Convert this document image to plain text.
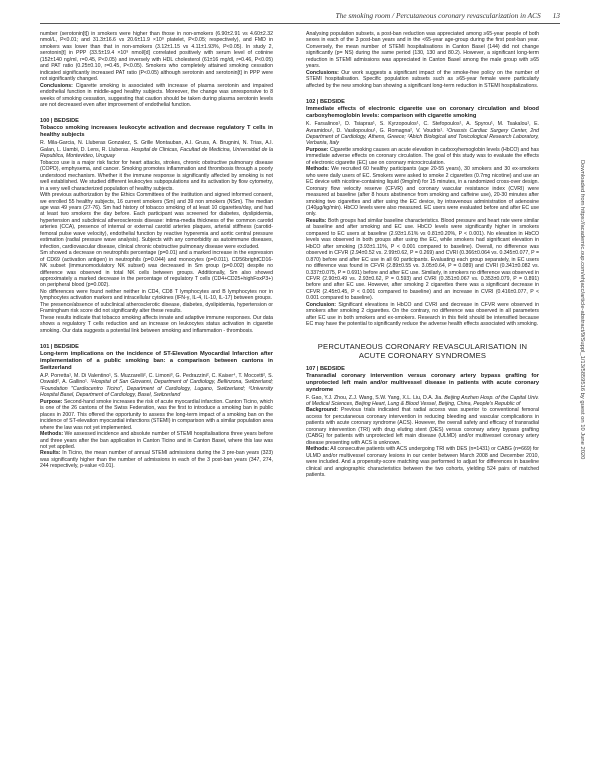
The smoking room / Percutaneous coronary revascularization in ACS 13

number (serotonin[t]) in smokers were higher than those in non-smokers (6.90±2.91 vs 4.60±2.32 nmol/L, P<0.01; and 31.3±16.6 vs 20.6±11.9 ×10⁹ platelet, P<0.05; respectively), and FMD in smokers was lower than that in non-smokers (3.12±1.15 vs 4.11±1.93%, P<0.05). In study 2, serotonin[t] in PPP (33.5±19.4 ×10⁹ nmol/[d] correlated positively with serum level of cotinine (152±140 ng/ml, r=0.45, P<0.05) and inversely with HDL cholesterol (61±16 mg/dl, r=0.46, P<0.05) and PAT ratio (0.25±0.10, r=0.45, P<0.05). Smokers who completely attained smoking cessation indicated significantly increased PAT ratio (P<0.05) although serotonin and serotonin[t] in PPP were not significantly changed.

Conclusions: Cigarette smoking is associated with increase of plasma serotonin and impaired endothelial function in middle-aged healthy subjects. Moreover, the change was unresponsive to 8 weeks of smoking cessation, suggesting that caution should be taken during plasma serotonin levels are not decreased even after improvement of endothelial function.

100 | BEDSIDE
Tobacco smoking increases leukocyte activation and decrease regulatory T cells in healthy subjects
R. Mila-Garcia, N. Lluberas Gonzalez, S. Grille Montauban, A.I. Gruss, A. Brugnini, N. Trias, A.I. Galan, L. Uambi, D. Lens, R. Lluberas. Hospital de Clinicas, Facultad de Medicina, Universidad de la Republica, Montevideo, Uruguay

Tobacco use is a major risk factor for heart attacks, strokes, chronic obstructive pulmonary disease (COPD), emphysema, and cancer. Smoking promotes inflammation and thrombosis through a poorly understood mechanism. Whether it the immune response is significantly affected by smoking is not well established. We studied different leukocytes subpopulations and its activation by flow cytometry, in a very well characterized population of healthy subjects.

With previous authorization by the Ethics Committees of the institution and signed informed consent, we enrolled 55 healthy subjects, 16 current smokers (Sm) and 39 non smokers (NSm). The median age was 49 years (27-76). Sm had history of tobacco smoking of at least 10 cigarettes/day, and had at least two smokers the day before. Each participant was screened for diabetes, dyslipidemia, hypertension and subclinical atherosclerosis disease: intima-media thickness of the common carotid arteries (CCA), presence of internal or external carotid arteries plaques, arterial stiffness (carotid-femoral pulse wave velocity), endothelial function by reactive hyperemia and aortic central pressure estimation (radial pressure wave analysis). Subjects with any comorbidity as autoimmune diseases, infection, cardiovascular disease, clinical chronic obstructive pulmonary disease were excluded.

Sm showed a decrease on neutrophils percentage (p=0.01) and a marked increase in the expression of CD69 (activation antigen) in neutrophils (p=0.044) and monocytes (p=0.011). CD56brightCD16- NK subset (immunomodulatory NK subset) was decreased in Sm group (p=0.002) despite no difference was observed in total NK cells between groups. Additionally, Sm also showed approximately a marked decrease in the percentage of regulatory T cells (CD4+CD25+highFoxP3+) on peripheral blood (p=0.002).

No differences were found neither neither in CD4, CD8 T lymphocytes and B lymphocytes nor in lymphocytes activation markers and intracellular cytokines (IFN-γ, IL-4, IL-10, IL-17) between groups.

The presence/absence of subclinical atherosclerotic disease, diabetes, dyslipidemia, hypertension or Framingham risk score did not significantly alter these results.

These results indicate that tobacco smoking affects innate and adaptive immune responses. Our data shows a regulatory T cells reduction and an increase on leukocytes status activation in cigarette smoking. Our data suggests a potential link between smoking and inflammation - thrombosis.

101 | BEDSIDE
Long-term implications on the incidence of ST-Elevation Myocardial Infarction after implementation of a public smoking ban: a comparison between cantons in Switzerland
A.P. Porretta¹, M. Di Valentino¹, S. Muzzarelli², C. Limoni³, G. Pedrazzini², C. Kaiser⁴, T. Moccetti², S. Oswald², A. Gallino¹. ¹Hospital of San Giovanni, Department of Cardiology, Bellinzona, Switzerland; ²Foundation "Cardiocentro Ticino", Department of Cardiology, Lugano, Switzerland; ³University Hospital Basel, Department of Cardiology, Basel, Switzerland

Purpose: Second-hand smoke increases the risk of acute myocardial infarction. Canton Ticino, which is one of the 26 cantons of the Swiss Federation, was the first to introduce a smoking ban in public places in 2007. This offered the opportunity to assess the long-term impact of a smoking ban on the incidence of ST-elevation myocardial infarctions (STEMI) in comparison with a similar population area where the law was not yet implemented.

Methods: We assessed incidence and absolute number of STEMI hospitalisations three years before and three years after the ban application in Canton Ticino and in Canton Basel, where this law was not yet applied.

Results: In Ticino, the mean number of annual STEMI admissions during the 3 pre-ban years (323) was significantly higher than the number of admissions in each of the 3 post-ban years (347, 274, 244 respectively, p-value <0.01).

Analysing population subsets, a post-ban reduction was appreciated among ≥65-year people of both sexes in each of the 3 post-ban years and in the <65-year age-group during the first post-ban year. Conversely, the mean number of STEMI hospitalisations in Canton Basel (144) did not change significantly (p= NS) during the same period (130, 130 and 80.2). However, a significant long-term reduction in STEMI admissions was appreciated in Canton Basel among the male group with ≥65 years.

Conclusions: Our work suggests a significant impact of the smoke-free policy on the number of STEMI hospitalisation. Specific population subsets such as ≥65-year female were particularly affected by the new smoking ban showing a significant long-term reduction in STEMI hospitalizations.

102 | BEDSIDE
Immediate effects of electronic cigarette use on coronary circulation and blood carboxyhemoglobin levels: comparison with cigarette smoking
K. Farsalinos¹, D. Tsiapras¹, S. Kyrzopoulos¹, C. Stefopoulos¹, A. Spyrou¹, M. Tsakalou¹, E. Avramidou¹, D. Vasilopoulou¹, G. Romagna², V. Voudris¹. ¹Onassis Cardiac Surgery Center, 2nd Department of Cardiology, Athens, Greece; ²Abich Biological and Toxicological Research Laboratory, Verbania, Italy

Purpose: Cigarette smoking causes an acute elevation in carboxyhemoglobin levels (HbCO) and has immediate adverse effects on coronary circulation. The goal of this study was to evaluate the effects of electronic cigarette (EC) use on coronary microcirculation.

Methods: We recruited 60 healthy participants (age 20-55 years), 30 smokers and 30 ex-smokers who were daily users of EC. Smokers were asked to smoke 2 cigarettes (0.7mg nicotine) and use an EC device with nicotine-containing liquid (9mg/ml) for 15 minutes, in a randomized cross-over design. Coronary flow velocity reserve (CFVR) and coronary vascular resistance index (CVRI) were measured at baseline (after 8 hours abstinence from smoking and caffeine use), 20-30 minutes after smoking two cigarettes and after using the EC device, by intravenous administration of adenosine (140µg/kg/min). HbCO levels were also measured. EC users were evaluated before and after EC use only.

Results: Both groups had similar baseline characteristics. Blood pressure and heart rate were similar at baseline and after smoking and EC use. HbCO levels were significantly higher in smokers compared to EC users at baseline (2.93±1.61% vs 0.81±0.20%, P < 0.001). No elevation in HbCO levels was observed in both groups after using the EC, while smokers had significant elevation in HbCO after smoking (3.93±1.11%, P < 0.001 compared to baseline). Overall, no difference was observed in CFVR (2.94±0.52 vs. 2.99±0.62, P = 0.269) and CVRI (0.366±0.064 vs. 0.345±0.077, P = 0.870) before and after EC use in all 60 participants. Evaluating each group separately, in EC users no difference was found in CFVR (2.89±0.55 vs. 3.05±0.64, P = 0.089) and CVRI (0.341±0.082 vs. 0.337±0.075, P = 0.691) before and after EC use. Similarly, in smokers no difference was observed in CFVR (2.90±0.49 vs. 2.93±0.62, P = 0.593) and CVRI (0.351±0.067 vs. 0.353±0.079, P = 0.891) before and after EC use. However, after smoking 2 cigarettes there was a significant decrease in CFVR (2.45±0.45, P < 0.001 compared to baseline) and an increase in CVRI (0.416±0.077, P < 0.001 compared to baseline).

Conclusion: Significant elevations in HbCO and CVRI and decrease in CFVR were observed in smokers after smoking 2 cigarettes. On the contrary, no difference was observed in all parameters after EC use in both smokers and ex-smokers. Research in this field should be intensified because EC may have the potential to significantly reduce the adverse health effects associated with smoking.

PERCUTANEOUS CORONARY REVASCULARISATION IN
ACUTE CORONARY SYNDROMES
107 | BEDSIDE
Transradial coronary intervention versus coronary artery bypass grafting for unprotected left main and/or multivessel disease in patients with acute coronary syndrome
F. Gao, Y.J. Zhou, Z.J. Wang, S.W. Yang, X.L. Liu, D.A. Jia. Beijing Anzhen Hosp. of the Capital Univ. of Medical Sciences, Beijing Heart, Lung & Blood Vessel, Beijing, China, People's Republic of

Background: Previous trials indicated that radial access was superior to conventional femoral access for percutaneous coronary intervention in reducing bleeding and vascular complications in patients with acute coronary syndrome (ACS). However, the overall safety and efficacy of transradial coronary intervention (TRI) with drug eluting stent (DES) versus coronary artery bypass grafting (CABG) for patients with unprotected left main disease (ULMD) and/or multivessel coronary artery disease presenting with ACS is unknown.

Methods: All consecutive patients with ACS undergoing TRI with DES (n=1431) or CABG (n=669) for ULMD and/or multivessel coronary lesions in our center between March 2008 and December 2010, were included. And a propensity-score matching was performed to adjust for differences in baseline clinical and angiographic characteristics between the two cohorts, yielding 524 pairs of matched patients.

Downloaded from https://academic.oup.com/ehjacc/article-abstract/9/Suppl_1/13/5859516 by guest on 10 June 2020
